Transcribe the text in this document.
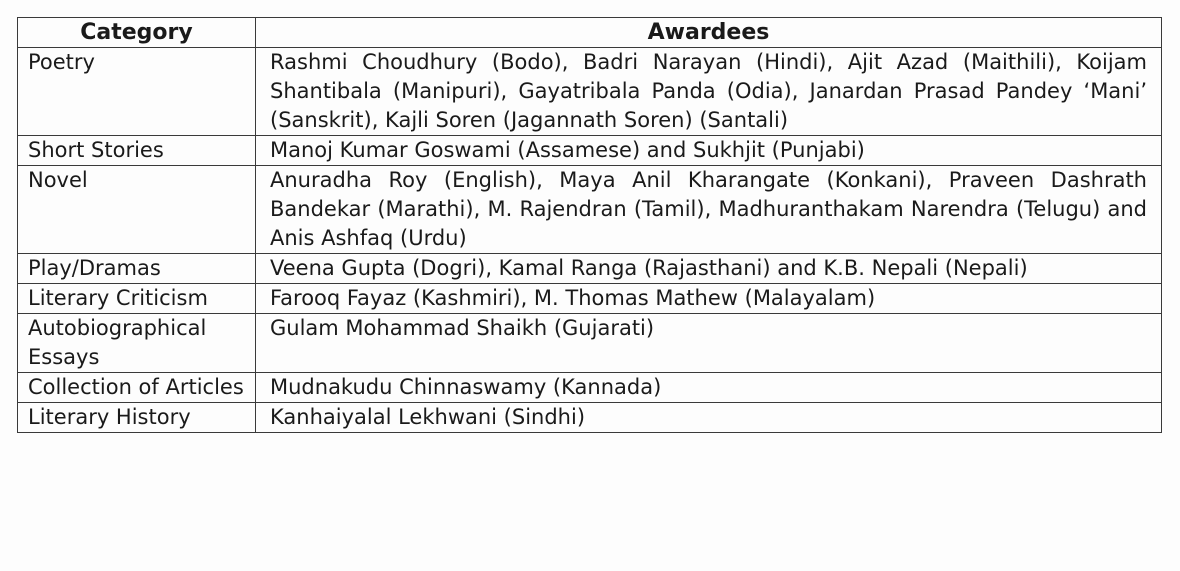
Category	Awardees
Poetry	Rashmi Choudhury (Bodo), Badri Narayan (Hindi), Ajit Azad (Maithili), Koijam Shantibala (Manipuri), Gayatribala Panda (Odia), Janardan Prasad Pandey ‘Mani’ (Sanskrit), Kajli Soren (Jagannath Soren) (Santali)
Short Stories	Manoj Kumar Goswami (Assamese) and Sukhjit (Punjabi)
Novel	Anuradha Roy (English), Maya Anil Kharangate (Konkani), Praveen Dashrath Bandekar (Marathi), M. Rajendran (Tamil), Madhuranthakam Narendra (Telugu) and Anis Ashfaq (Urdu)
Play/Dramas	Veena Gupta (Dogri), Kamal Ranga (Rajasthani) and K.B. Nepali (Nepali)
Literary Criticism	Farooq Fayaz (Kashmiri), M. Thomas Mathew (Malayalam)
Autobiographical Essays	Gulam Mohammad Shaikh (Gujarati)
Collection of Articles	Mudnakudu Chinnaswamy (Kannada)
Literary History	Kanhaiyalal Lekhwani (Sindhi)
